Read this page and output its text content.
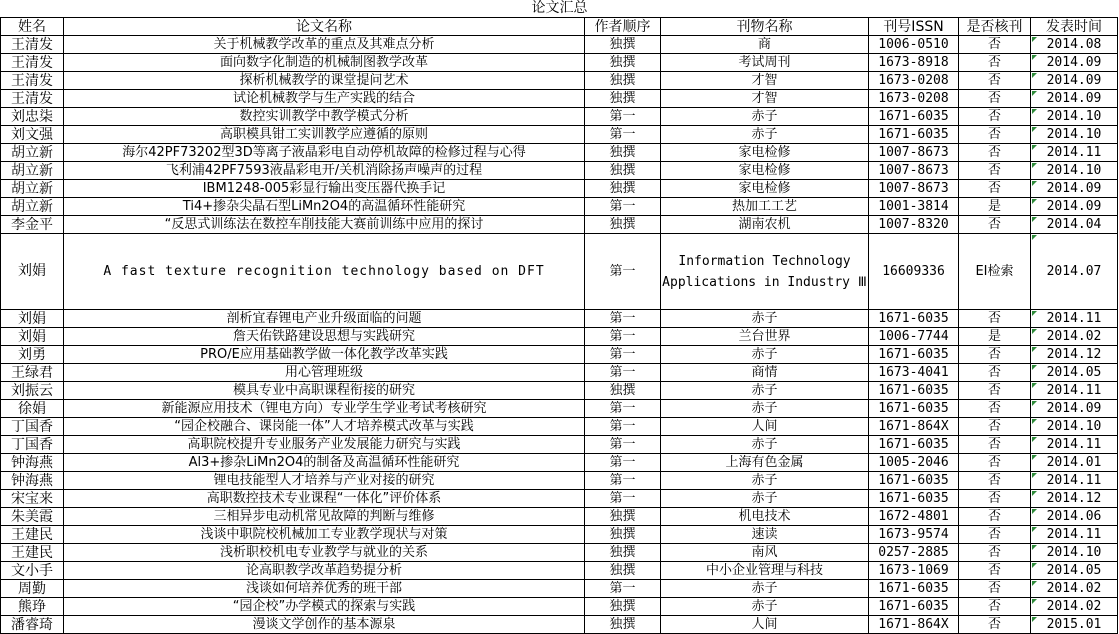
论文汇总
姓名	论文名称	作者顺序	刊物名称	刊号ISSN	是否核刊	发表时间
王清发	关于机械教学改革的重点及其难点分析	独撰	商	1006-0510	否	2014.08
王清发	面向数字化制造的机械制图教学改革	独撰	考试周刊	1673-8918	否	2014.09
王清发	探析机械教学的课堂提问艺术	独撰	才智	1673-0208	否	2014.09
王清发	试论机械教学与生产实践的结合	独撰	才智	1673-0208	否	2014.09
刘忠柒	数控实训教学中教学模式分析	第一	赤子	1671-6035	否	2014.10
刘文强	高职模具钳工实训教学应遵循的原则	第一	赤子	1671-6035	否	2014.10
胡立新	海尔42PF73202型3D等离子液晶彩电自动停机故障的检修过程与心得	独撰	家电检修	1007-8673	否	2014.11
胡立新	飞利浦42PF7593液晶彩电开/关机消除扬声噪声的过程	独撰	家电检修	1007-8673	否	2014.10
胡立新	IBM1248-005彩显行输出变压器代换手记	独撰	家电检修	1007-8673	否	2014.09
胡立新	Ti4+掺杂尖晶石型LiMn2O4的高温循环性能研究	第一	热加工工艺	1001-3814	是	2014.09
李金平	“反思式训练法在数控车削技能大赛前训练中应用的探讨	独撰	湖南农机	1007-8320	否	2014.04
刘娟	A fast texture recognition technology based on DFT	第一	Information Technology Applications in Industry Ⅲ	16609336	EI检索	2014.07
刘娟	剖析宜春锂电产业升级面临的问题	第一	赤子	1671-6035	否	2014.11
刘娟	詹天佑铁路建设思想与实践研究	第一	兰台世界	1006-7744	是	2014.02
刘勇	PRO/E应用基础教学做一体化教学改革实践	第一	赤子	1671-6035	否	2014.12
王绿君	用心管理班级	第一	商情	1673-4041	否	2014.05
刘振云	模具专业中高职课程衔接的研究	独撰	赤子	1671-6035	否	2014.11
徐娟	新能源应用技术（锂电方向）专业学生学业考试考核研究	第一	赤子	1671-6035	否	2014.09
丁国香	“园企校融合、课岗能一体”人才培养模式改革与实践	第一	人间	1671-864X	否	2014.10
丁国香	高职院校提升专业服务产业发展能力研究与实践	第一	赤子	1671-6035	否	2014.11
钟海燕	Al3+掺杂LiMn2O4的制备及高温循环性能研究	第一	上海有色金属	1005-2046	否	2014.01
钟海燕	锂电技能型人才培养与产业对接的研究	第一	赤子	1671-6035	否	2014.11
宋宝来	高职数控技术专业课程“一体化”评价体系	第一	赤子	1671-6035	否	2014.12
朱美霞	三相异步电动机常见故障的判断与维修	独撰	机电技术	1672-4801	否	2014.06
王建民	浅谈中职院校机械加工专业教学现状与对策	独撰	速读	1673-9574	否	2014.11
王建民	浅析职校机电专业教学与就业的关系	独撰	南风	0257-2885	否	2014.10
文小手	论高职教学改革趋势提分析	独撰	中小企业管理与科技	1673-1069	否	2014.05
周勤	浅谈如何培养优秀的班干部	第一	赤子	1671-6035	否	2014.02
熊琤	“园企校”办学模式的探索与实践	独撰	赤子	1671-6035	否	2014.02
潘睿琦	漫谈文学创作的基本源泉	独撰	人间	1671-864X	否	2015.01
